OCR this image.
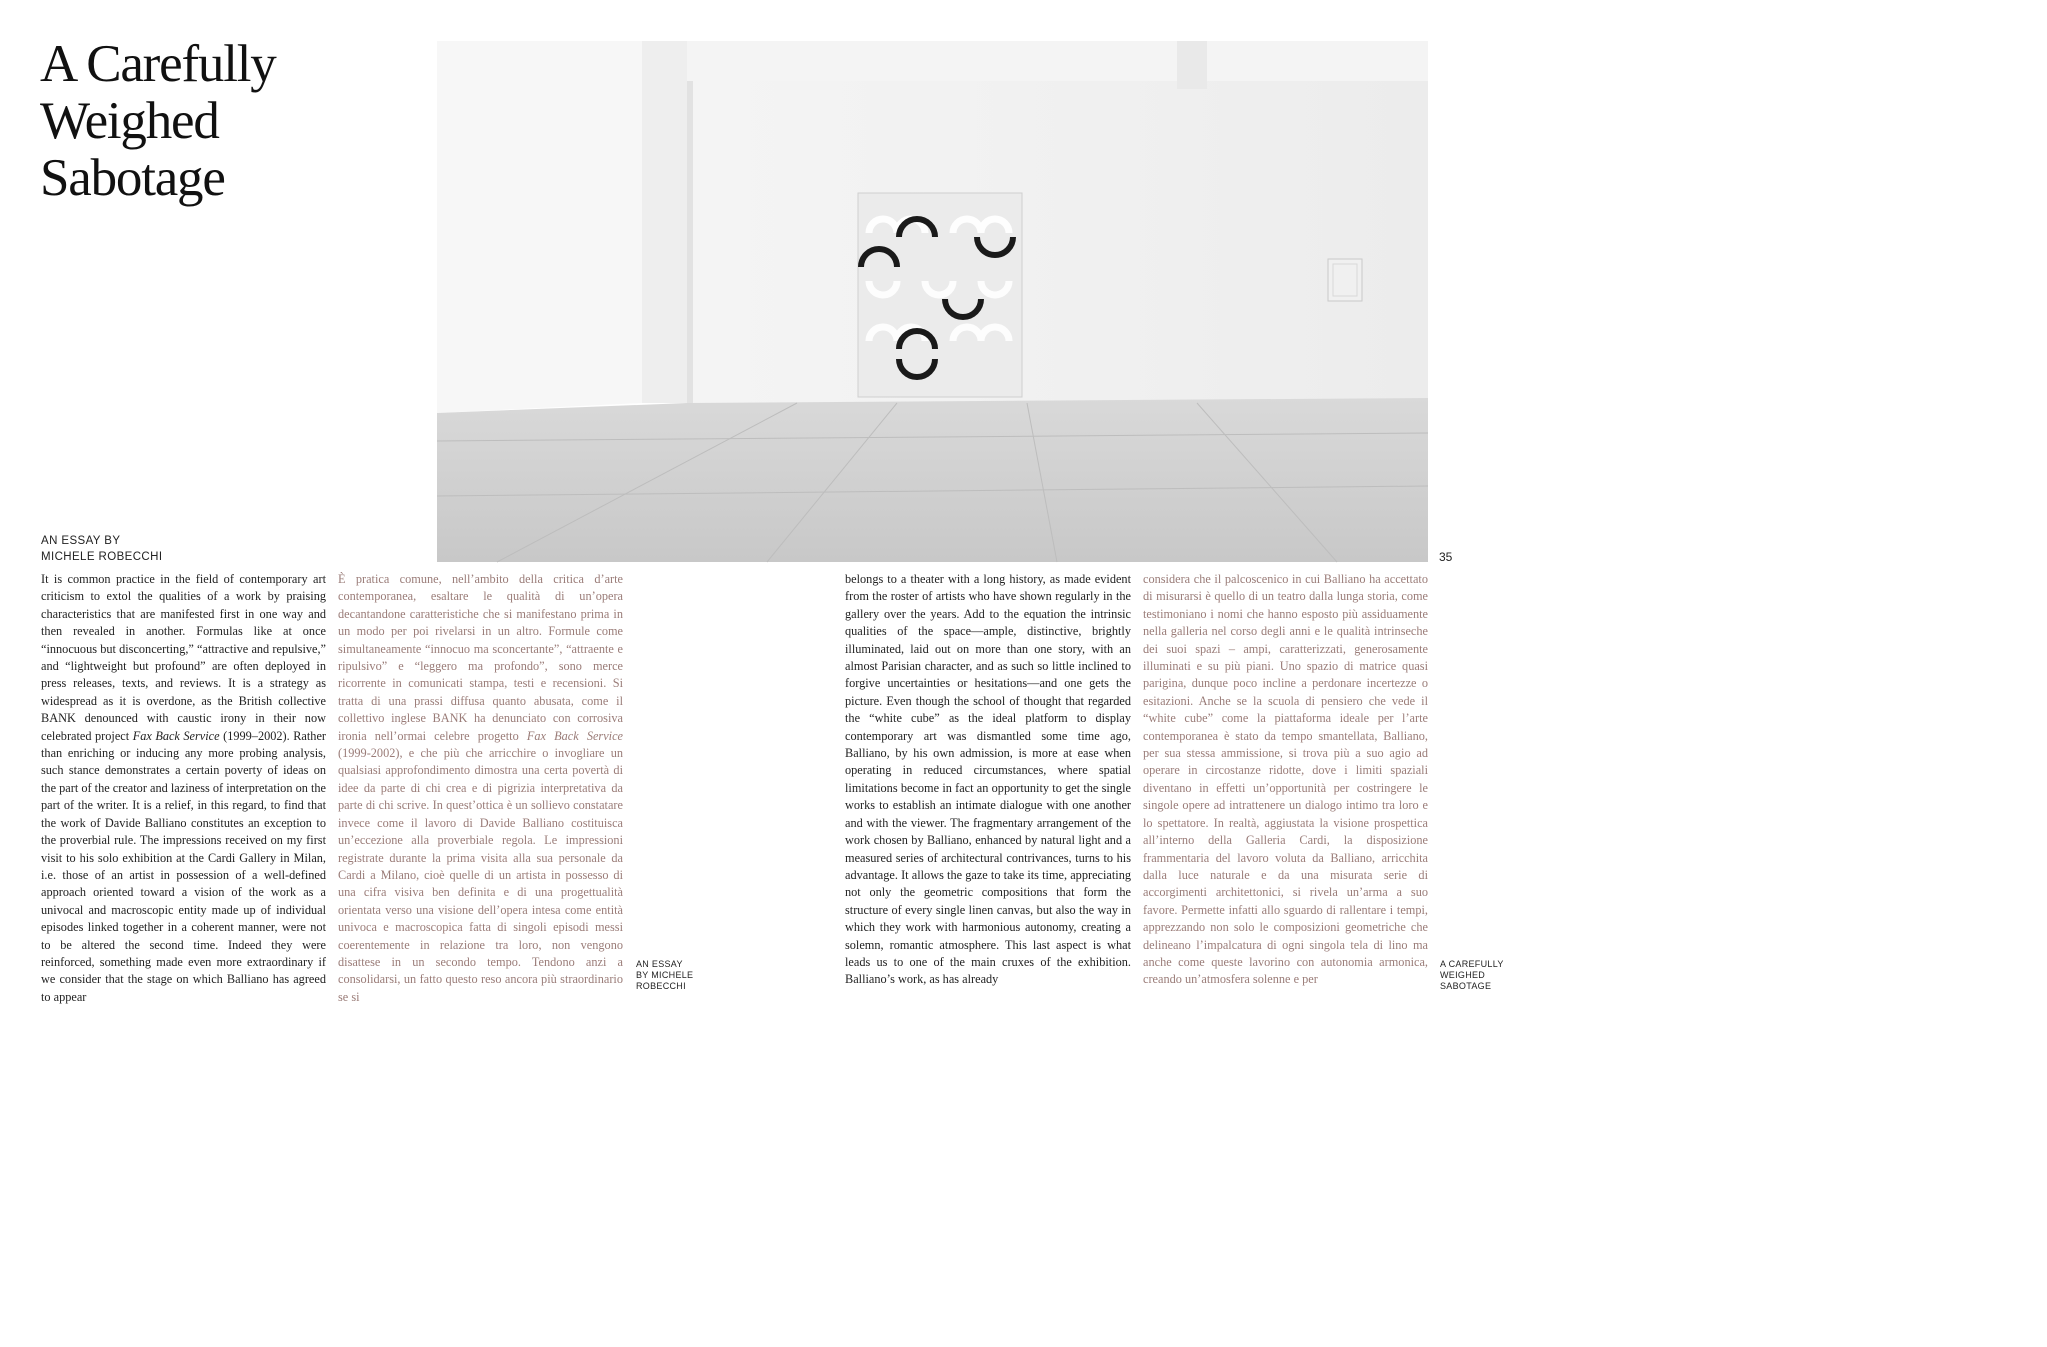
A Carefully
Weighed
Sabotage
AN ESSAY BY
MICHELE ROBECCHI	35

It is common practice in the field of contemporary art criticism to extol the qualities of a work by praising characteristics that are manifested first in one way and then revealed in another. Formulas like at once “innocuous but disconcerting,” “attractive and repulsive,” and “lightweight but profound” are often deployed in press releases, texts, and reviews. It is a strategy as widespread as it is overdone, as the British collective BANK denounced with caustic irony in their now celebrated project Fax Back Service (1999–2002). Rather than enriching or inducing any more probing analysis, such stance demonstrates a certain poverty of ideas on the part of the creator and laziness of interpretation on the part of the writer. It is a relief, in this regard, to find that the work of Davide Balliano constitutes an exception to the proverbial rule. The impressions received on my first visit to his solo exhibition at the Cardi Gallery in Milan, i.e. those of an artist in possession of a well-defined approach oriented toward a vision of the work as a univocal and macroscopic entity made up of individual episodes linked together in a coherent manner, were not to be altered the second time. Indeed they were reinforced, something made even more extraordinary if we consider that the stage on which Balliano has agreed to appear

È pratica comune, nell’ambito della critica d’arte contemporanea, esaltare le qualità di un’opera decantandone caratteristiche che si manifestano prima in un modo per poi rivelarsi in un altro. Formule come simultaneamente “innocuo ma sconcertante”, “attraente e ripulsivo” e “leggero ma profondo”, sono merce ricorrente in comunicati stampa, testi e recensioni. Si tratta di una prassi diffusa quanto abusata, come il collettivo inglese BANK ha denunciato con corrosiva ironia nell’ormai celebre progetto Fax Back Service (1999-2002), e che più che arricchire o invogliare un qualsiasi approfondimento dimostra una certa povertà di idee da parte di chi crea e di pigrizia interpretativa da parte di chi scrive. In quest’ottica è un sollievo constatare invece come il lavoro di Davide Balliano costituisca un’eccezione alla proverbiale regola. Le impressioni registrate durante la prima visita alla sua personale da Cardi a Milano, cioè quelle di un artista in possesso di una cifra visiva ben definita e di una progettualità orientata verso una visione dell’opera intesa come entità univoca e macroscopica fatta di singoli episodi messi coerentemente in relazione tra loro, non vengono disattese in un secondo tempo. Tendono anzi a consolidarsi, un fatto questo reso ancora più straordinario se si

belongs to a theater with a long history, as made evident from the roster of artists who have shown regularly in the gallery over the years. Add to the equation the intrinsic qualities of the space—ample, distinctive, brightly illuminated, laid out on more than one story, with an almost Parisian character, and as such so little inclined to forgive uncertainties or hesitations—and one gets the picture. Even though the school of thought that regarded the “white cube” as the ideal platform to display contemporary art was dismantled some time ago, Balliano, by his own admission, is more at ease when operating in reduced circumstances, where spatial limitations become in fact an opportunity to get the single works to establish an intimate dialogue with one another and with the viewer. The fragmentary arrangement of the work chosen by Balliano, enhanced by natural light and a measured series of architectural contrivances, turns to his advantage. It allows the gaze to take its time, appreciating not only the geometric compositions that form the structure of every single linen canvas, but also the way in which they work with harmonious autonomy, creating a solemn, romantic atmosphere. This last aspect is what leads us to one of the main cruxes of the exhibition. Balliano’s work, as has already

considera che il palcoscenico in cui Balliano ha accettato di misurarsi è quello di un teatro dalla lunga storia, come testimoniano i nomi che hanno esposto più assiduamente nella galleria nel corso degli anni e le qualità intrinseche dei suoi spazi – ampi, caratterizzati, generosamente illuminati e su più piani. Uno spazio di matrice quasi parigina, dunque poco incline a perdonare incertezze o esitazioni. Anche se la scuola di pensiero che vede il “white cube” come la piattaforma ideale per l’arte contemporanea è stato da tempo smantellata, Balliano, per sua stessa ammissione, si trova più a suo agio ad operare in circostanze ridotte, dove i limiti spaziali diventano in effetti un’opportunità per costringere le singole opere ad intrattenere un dialogo intimo tra loro e lo spettatore. In realtà, aggiustata la visione prospettica all’interno della Galleria Cardi, la disposizione frammentaria del lavoro voluta da Balliano, arricchita dalla luce naturale e da una misurata serie di accorgimenti architettonici, si rivela un’arma a suo favore. Permette infatti allo sguardo di rallentare i tempi, apprezzando non solo le composizioni geometriche che delineano l’impalcatura di ogni singola tela di lino ma anche come queste lavorino con autonomia armonica, creando un’atmosfera solenne e per

AN ESSAY
BY MICHELE
ROBECCHI
A CAREFULLY
WEIGHED
SABOTAGE
